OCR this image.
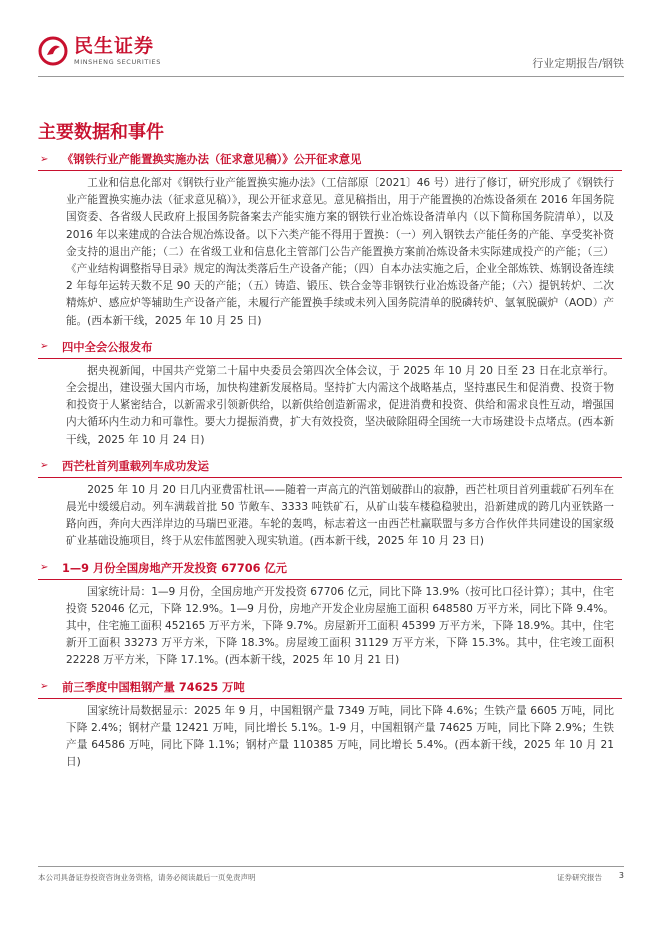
民生证券
MINSHENG SECURITIES	行业定期报告/钢铁
主要数据和事件
➢	《钢铁行业产能置换实施办法（征求意见稿）》公开征求意见
工业和信息化部对《钢铁行业产能置换实施办法》（工信部原〔2021〕46 号）进行了修订，研究形成了《钢铁行业产能置换实施办法（征求意见稿）》，现公开征求意见。意见稿指出，用于产能置换的冶炼设备须在 2016 年国务院国资委、各省级人民政府上报国务院备案去产能实施方案的钢铁行业冶炼设备清单内（以下简称国务院清单），以及 2016 年以来建成的合法合规冶炼设备。以下六类产能不得用于置换：（一）列入钢铁去产能任务的产能、享受奖补资金支持的退出产能；（二）在省级工业和信息化主管部门公告产能置换方案前冶炼设备未实际建成投产的产能；（三）《产业结构调整指导目录》规定的淘汰类落后生产设备产能；（四）自本办法实施之后，企业全部炼铁、炼钢设备连续 2 年每年运转天数不足 90 天的产能；（五）铸造、锻压、铁合金等非钢铁行业冶炼设备产能；（六）提钒转炉、二次精炼炉、感应炉等辅助生产设备产能，未履行产能置换手续或未列入国务院清单的脱磷转炉、氩氧脱碳炉（AOD）产能。(西本新干线，2025 年 10 月 25 日)
➢	四中全会公报发布
据央视新闻，中国共产党第二十届中央委员会第四次全体会议，于 2025 年 10 月 20 日至 23 日在北京举行。全会提出，建设强大国内市场，加快构建新发展格局。坚持扩大内需这个战略基点，坚持惠民生和促消费、投资于物和投资于人紧密结合，以新需求引领新供给，以新供给创造新需求，促进消费和投资、供给和需求良性互动，增强国内大循环内生动力和可靠性。要大力提振消费，扩大有效投资，坚决破除阻碍全国统一大市场建设卡点堵点。(西本新干线，2025 年 10 月 24 日)
➢	西芒杜首列重载列车成功发运
2025 年 10 月 20 日几内亚费雷杜讯——随着一声高亢的汽笛划破群山的寂静，西芒杜项目首列重载矿石列车在晨光中缓缓启动。列车满载首批 50 节敞车、3333 吨铁矿石，从矿山装车楼稳稳驶出，沿新建成的跨几内亚铁路一路向西，奔向大西洋岸边的马瑞巴亚港。车轮的轰鸣，标志着这一由西芒杜赢联盟与多方合作伙伴共同建设的国家级矿业基础设施项目，终于从宏伟蓝图驶入现实轨道。(西本新干线，2025 年 10 月 23 日)
➢	1—9 月份全国房地产开发投资 67706 亿元
国家统计局：1—9 月份，全国房地产开发投资 67706 亿元，同比下降 13.9%（按可比口径计算）；其中，住宅投资 52046 亿元，下降 12.9%。1—9 月份，房地产开发企业房屋施工面积 648580 万平方米，同比下降 9.4%。其中，住宅施工面积 452165 万平方米，下降 9.7%。房屋新开工面积 45399 万平方米，下降 18.9%。其中，住宅新开工面积 33273 万平方米，下降 18.3%。房屋竣工面积 31129 万平方米，下降 15.3%。其中，住宅竣工面积 22228 万平方米，下降 17.1%。(西本新干线，2025 年 10 月 21 日)
➢	前三季度中国粗钢产量 74625 万吨
国家统计局数据显示：2025 年 9 月，中国粗钢产量 7349 万吨，同比下降 4.6%；生铁产量 6605 万吨，同比下降 2.4%；钢材产量 12421 万吨，同比增长 5.1%。1-9 月，中国粗钢产量 74625 万吨，同比下降 2.9%；生铁产量 64586 万吨，同比下降 1.1%；钢材产量 110385 万吨，同比增长 5.4%。(西本新干线，2025 年 10 月 21 日)
本公司具备证券投资咨询业务资格，请务必阅读最后一页免责声明	证券研究报告 3
